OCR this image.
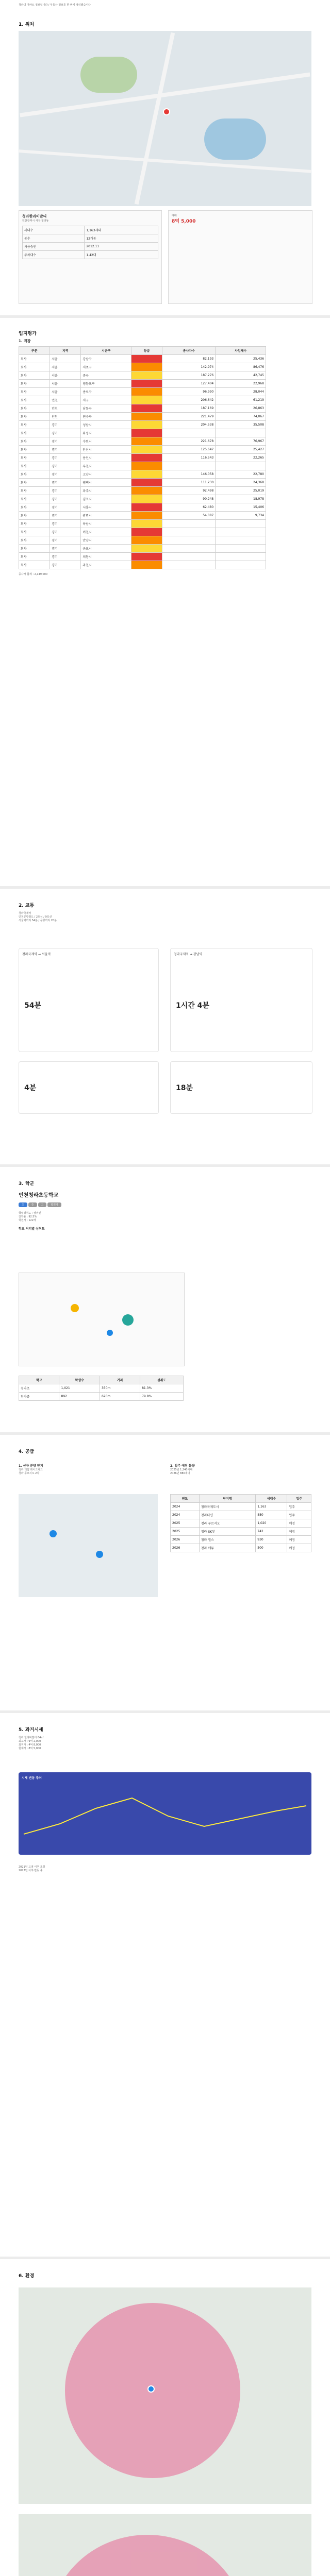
청라더 아파트 정보입니다 / 부동산 정보를 한 번에 정리했습니다
1. 위치
청라한라비발디
인천광역시 서구 청라동
세대수	1,163세대
동수	12개동
사용승인	2012.11
주차대수	1.42대
매매
8억 5,000
입지평가
1. 직장
구분	지역	시군구	등급	종사자수	사업체수
회사	서울	강남구		82,193	25,436
회사	서울	서초구		142,974	86,476
회사	서울	중구		187,276	42,745
회사	서울	영등포구		127,404	22,968
회사	서울	종로구		96,990	28,044
회사	인천	서구		206,642	61,219
회사	인천	남동구		187,169	26,863
회사	인천	연수구		221,479	74,067
회사	경기	성남시		204,538	35,508
회사	경기	화성시			
회사	경기	수원시		221,678	76,967
회사	경기	안산시		125,647	25,427
회사	경기	용인시		116,543	22,265
회사	경기	부천시			
회사	경기	고양시		146,058	22,780
회사	경기	평택시		111,230	24,368
회사	경기	파주시		92,498	25,019
회사	경기	김포시		90,248	18,978
회사	경기	시흥시		62,480	15,406
회사	경기	광명시		54,087	9,734
회사	경기	하남시			
회사	경기	이천시			
회사	경기	안양시			
회사	경기	군포시			
회사	경기	의왕시			
회사	경기	과천시			
종사자 합계 : 2,149,000
2. 교통
청라국제역
인천공항철도 / 2호선 / 9호선
서울역까지 54분 / 공항까지 20분
청라국제역 → 서울역
54분
청라국제역 → 강남역
1시간 4분
4분	18분
3. 학군
인천청라초등학교
초	중	고	학원가
학업성취도 : 상위권
진학률 : 92.5%
학원가 : 122개
학교 거리별 성취도
학교	학생수	거리	성취도
청라초	1,021	350m	81.3%
청라중	892	620m	79.8%
4. 공급
1. 신규 분양 단지
청라 더샵 레이크파크
청라 푸르지오 2차
2. 입주 예정 물량
2025년 1,240세대
2026년 880세대
연도	단지명	세대수	입주
2024	청라국제도시	1,163	입주
2024	청라더샵	880	입주
2025	청라 푸르지오	1,020	예정
2025	청라 SK뷰	742	예정
2026	청라 힐스	930	예정
2026	청라 에듀	500	예정
5. 과거시세
청라 한라비발디 84㎡
최고가 : 9억 2,000
최저가 : 4억 8,000
현재가 : 8억 5,000
시세 변동 추이
2021년 고점 이후 조정
2023년 이후 반등 중
6. 환경
